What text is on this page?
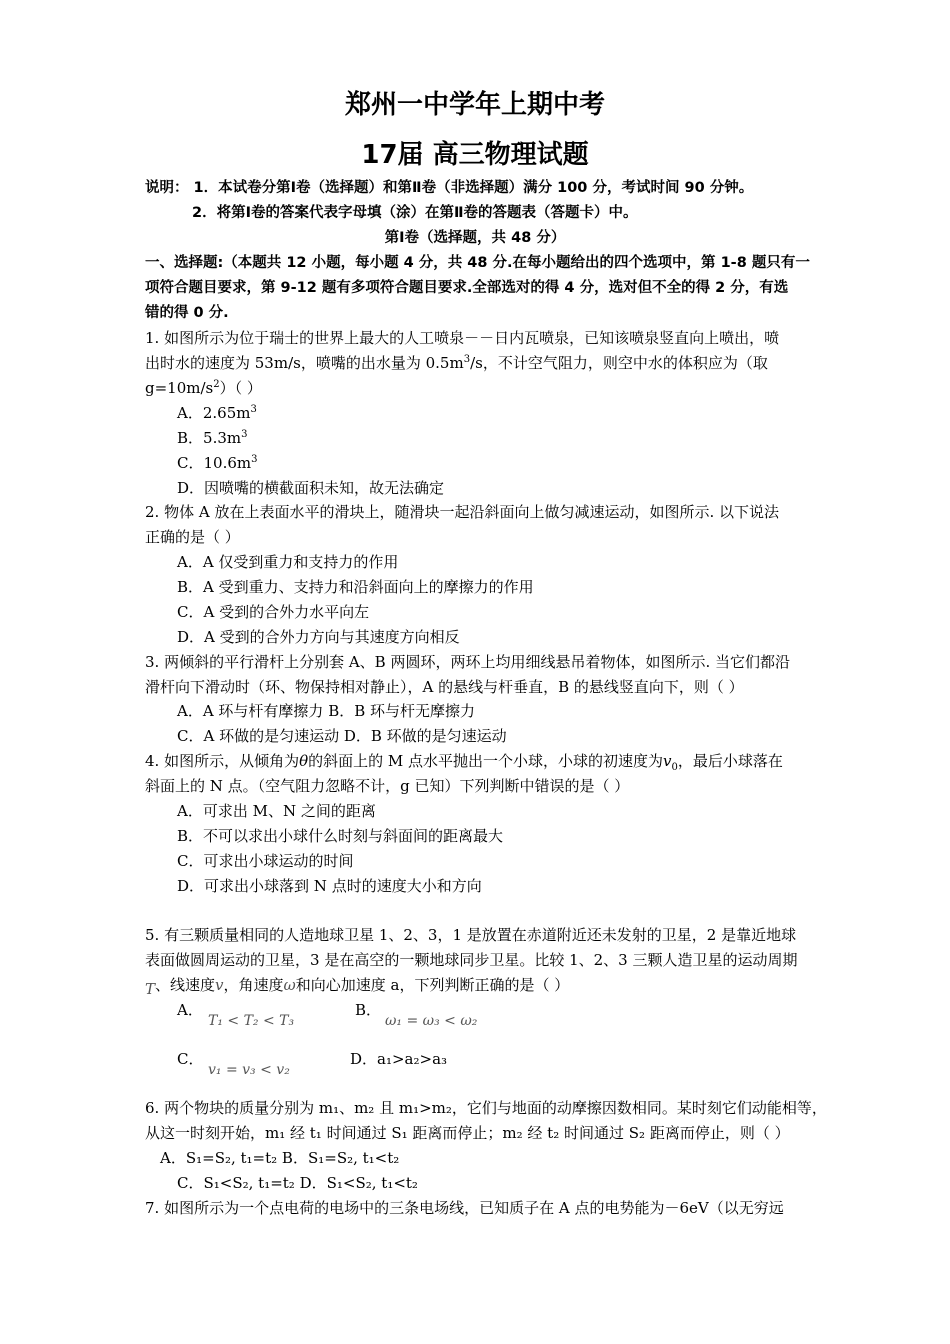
郑州一中学年上期中考
17届 高三物理试题
说明： 1．本试卷分第Ⅰ卷（选择题）和第Ⅱ卷（非选择题）满分 100 分，考试时间 90 分钟。
2．将第Ⅰ卷的答案代表字母填（涂）在第Ⅱ卷的答题表（答题卡）中。
第Ⅰ卷（选择题，共 48 分）
一、选择题:（本题共 12 小题，每小题 4 分，共 48 分.在每小题给出的四个选项中，第 1-8 题只有一
项符合题目要求，第 9-12 题有多项符合题目要求.全部选对的得 4 分，选对但不全的得 2 分，有选
错的得 0 分.
1. 如图所示为位于瑞士的世界上最大的人工喷泉－－日内瓦喷泉，已知该喷泉竖直向上喷出，喷
出时水的速度为 53m/s，喷嘴的出水量为 $0.5m^3/s$，不计空气阻力，则空中水的体积应为（取
$g=10m/s^2$）（ ）
A．$2.65m^3$
B．$5.3m^3$
C．$10.6m^3$
D．因喷嘴的横截面积未知，故无法确定
2. 物体 A 放在上表面水平的滑块上，随滑块一起沿斜面向上做匀减速运动，如图所示. 以下说法
正确的是（ ）
A．A 仅受到重力和支持力的作用
B．A 受到重力、支持力和沿斜面向上的摩擦力的作用
C．A 受到的合外力水平向左
D．A 受到的合外力方向与其速度方向相反
3. 两倾斜的平行滑杆上分别套 A、B 两圆环，两环上均用细线悬吊着物体，如图所示. 当它们都沿
滑杆向下滑动时（环、物保持相对静止），A 的悬线与杆垂直，B 的悬线竖直向下，则（ ）
A．A 环与杆有摩擦力 B．B 环与杆无摩擦力
C．A 环做的是匀速运动 D．B 环做的是匀速运动
4. 如图所示，从倾角为θ的斜面上的 M 点水平抛出一个小球，小球的初速度为$v_0$，最后小球落在
斜面上的 N 点。（空气阻力忽略不计，g 已知）下列判断中错误的是（ ）
A．可求出 M、N 之间的距离
B．不可以求出小球什么时刻与斜面间的距离最大
C．可求出小球运动的时间
D．可求出小球落到 N 点时的速度大小和方向
5. 有三颗质量相同的人造地球卫星 1、2、3，1 是放置在赤道附近还未发射的卫星，2 是靠近地球
表面做圆周运动的卫星，3 是在高空的一颗地球同步卫星。比较 1、2、3 三颗人造卫星的运动周期
T、线速度v，角速度ω和向心加速度 a，下列判断正确的是（ ）
A．
T₁ < T₂ < T₃
B．
ω₁ = ω₃ < ω₂
C．
v₁ = v₃ < v₂
D．a₁>a₂>a₃
6. 两个物块的质量分别为 m₁、m₂ 且 m₁>m₂，它们与地面的动摩擦因数相同。某时刻它们动能相等，
从这一时刻开始，m₁ 经 t₁ 时间通过 S₁ 距离而停止；m₂ 经 t₂ 时间通过 S₂ 距离而停止，则（ ）
A．S₁=S₂, t₁=t₂ B．S₁=S₂, t₁<t₂
C．S₁<S₂, t₁=t₂ D．S₁<S₂, t₁<t₂
7. 如图所示为一个点电荷的电场中的三条电场线，已知质子在 A 点的电势能为－6eV（以无穷远
